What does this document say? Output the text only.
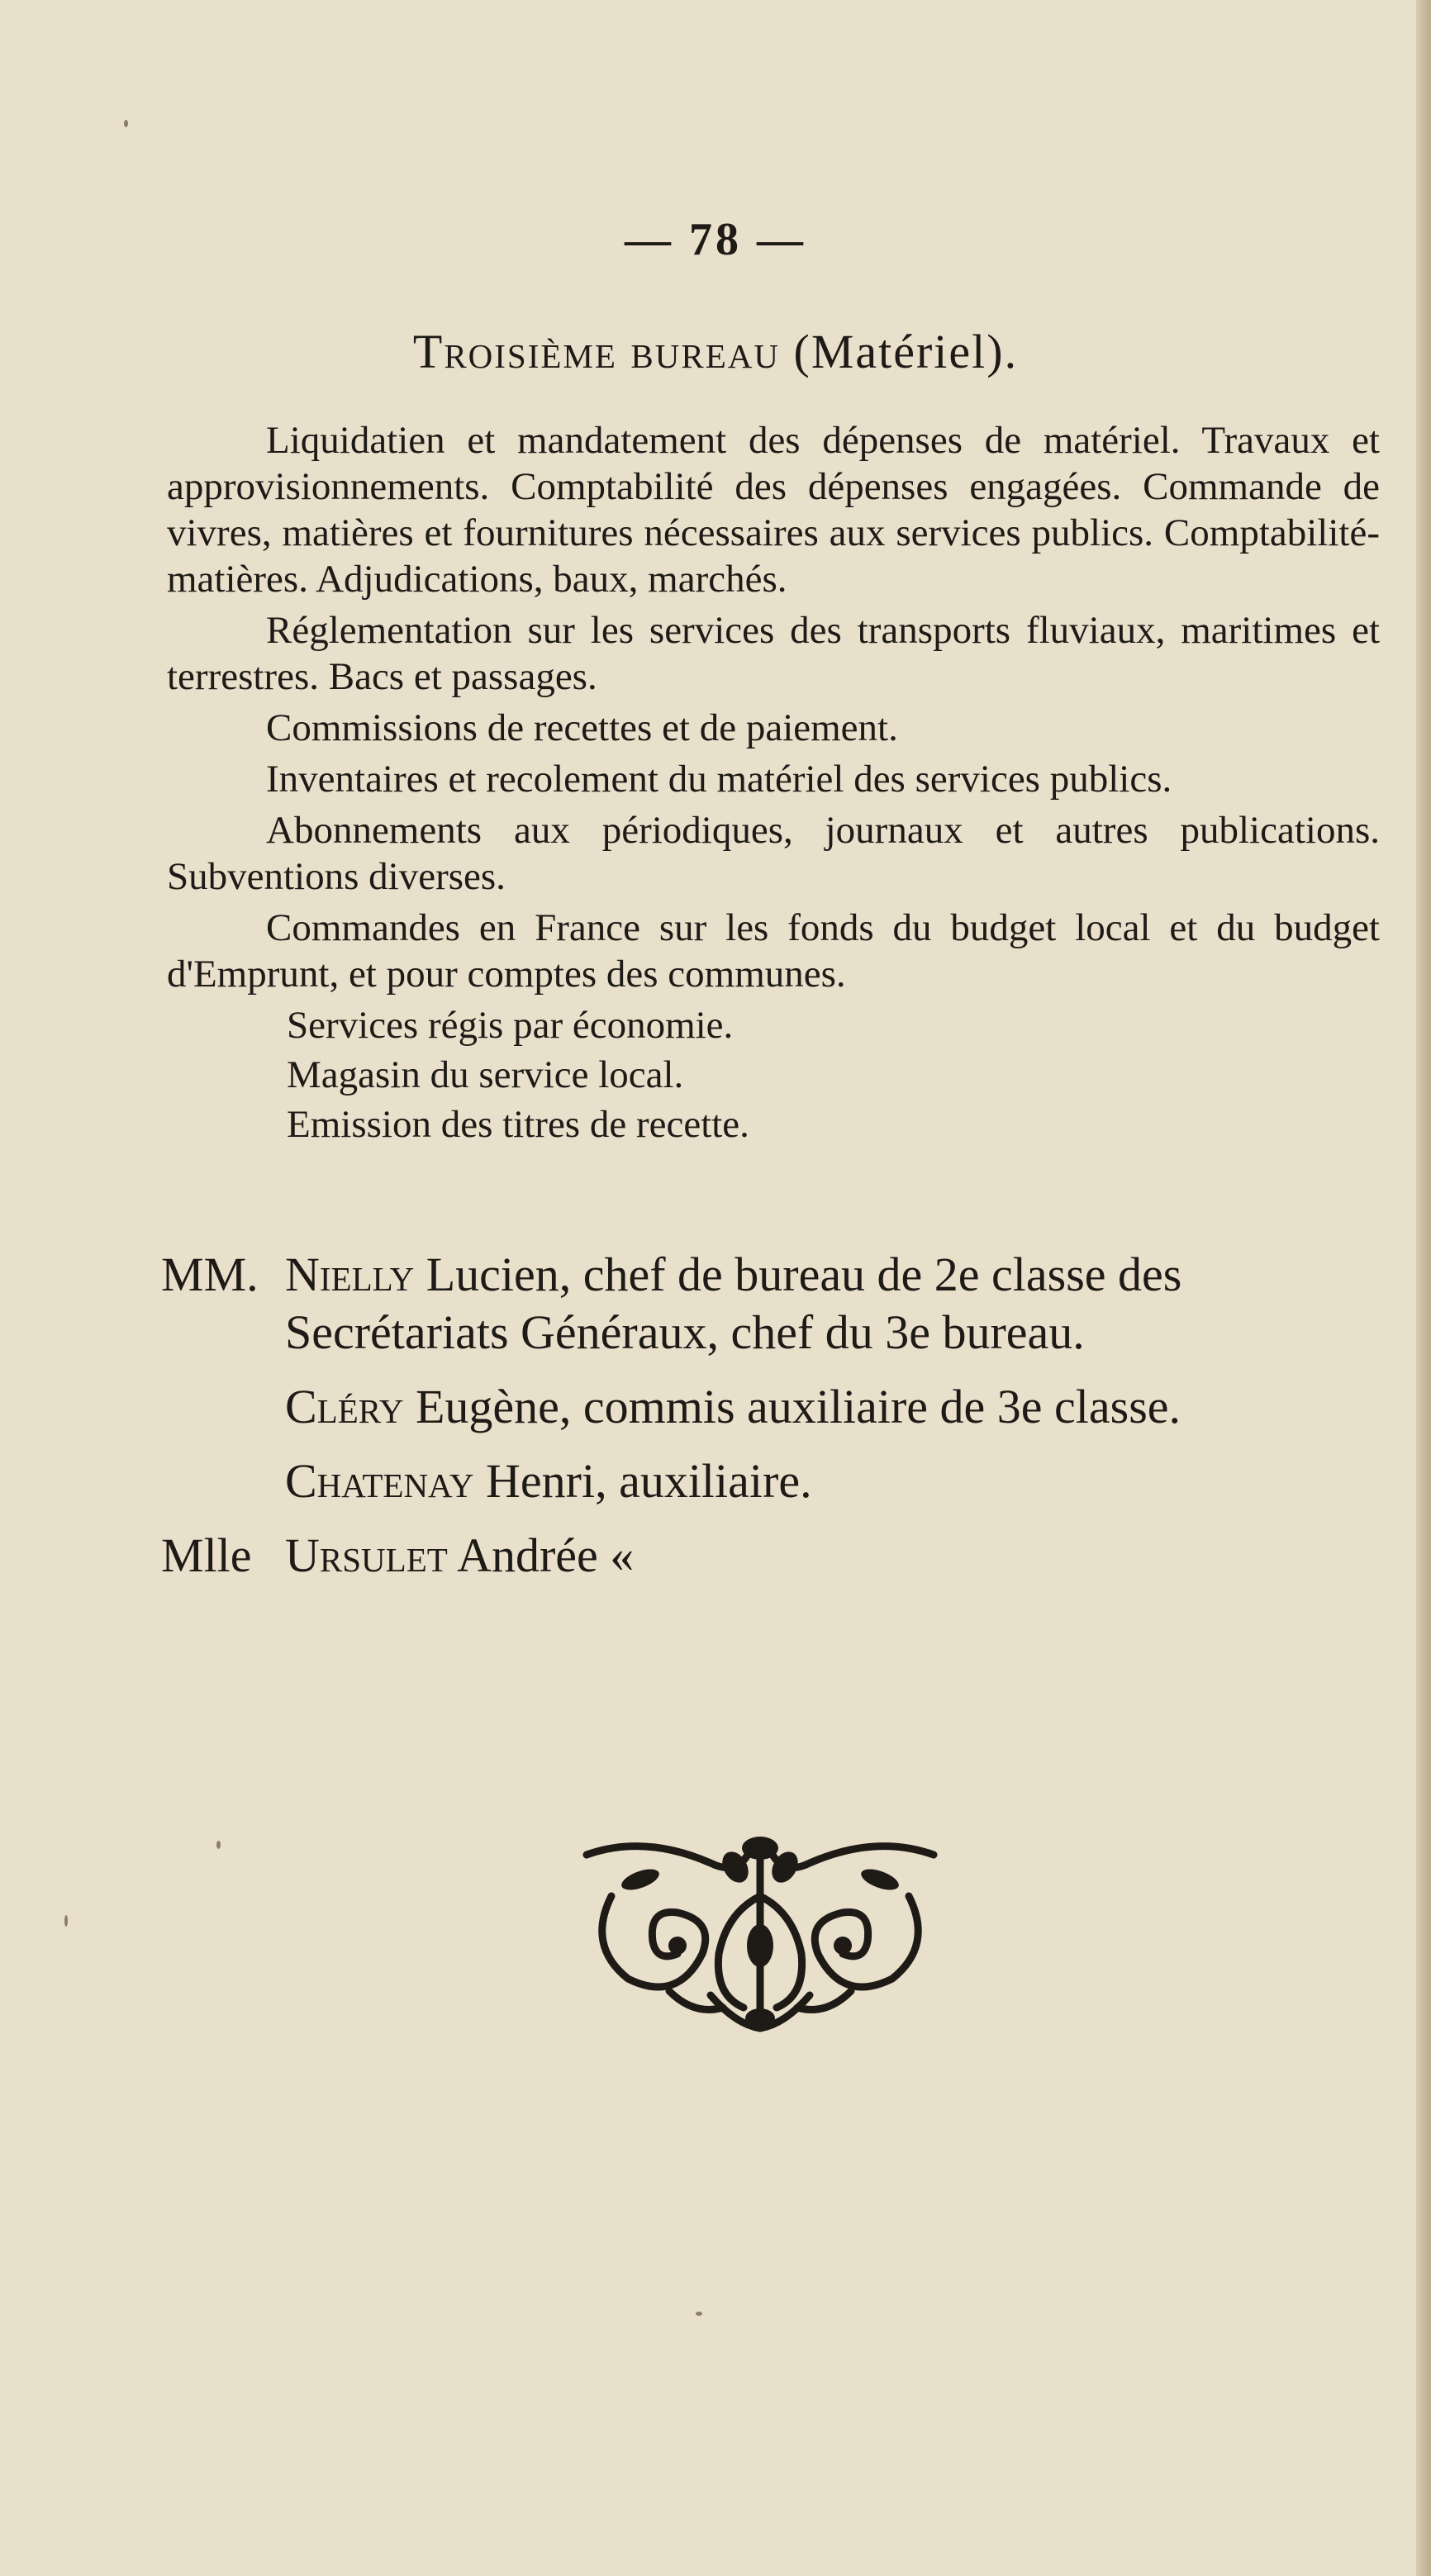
— 78 —
Troisième bureau (Matériel).

Liquidatien et mandatement des dépenses de matériel. Travaux et approvisionnements. Comptabilité des dépenses engagées. Commande de vivres, matières et fournitures nécessaires aux services publics. Comptabilité-matières. Adjudications, baux, marchés.

Réglementation sur les services des transports fluviaux, maritimes et terrestres. Bacs et passages.

Commissions de recettes et de paiement.

Inventaires et recolement du matériel des services publics.

Abonnements aux périodiques, journaux et autres publications. Subventions diverses.

Commandes en France sur les fonds du budget local et du budget d'Emprunt, et pour comptes des communes.

Services régis par économie.

Magasin du service local.

Emission des titres de recette.

MM. Nielly Lucien, chef de bureau de 2e classe des
Secrétariats Généraux, chef du 3e bureau.
Cléry Eugène, commis auxiliaire de 3e classe.
Chatenay Henri, auxiliaire.
Mlle Ursulet Andrée «
